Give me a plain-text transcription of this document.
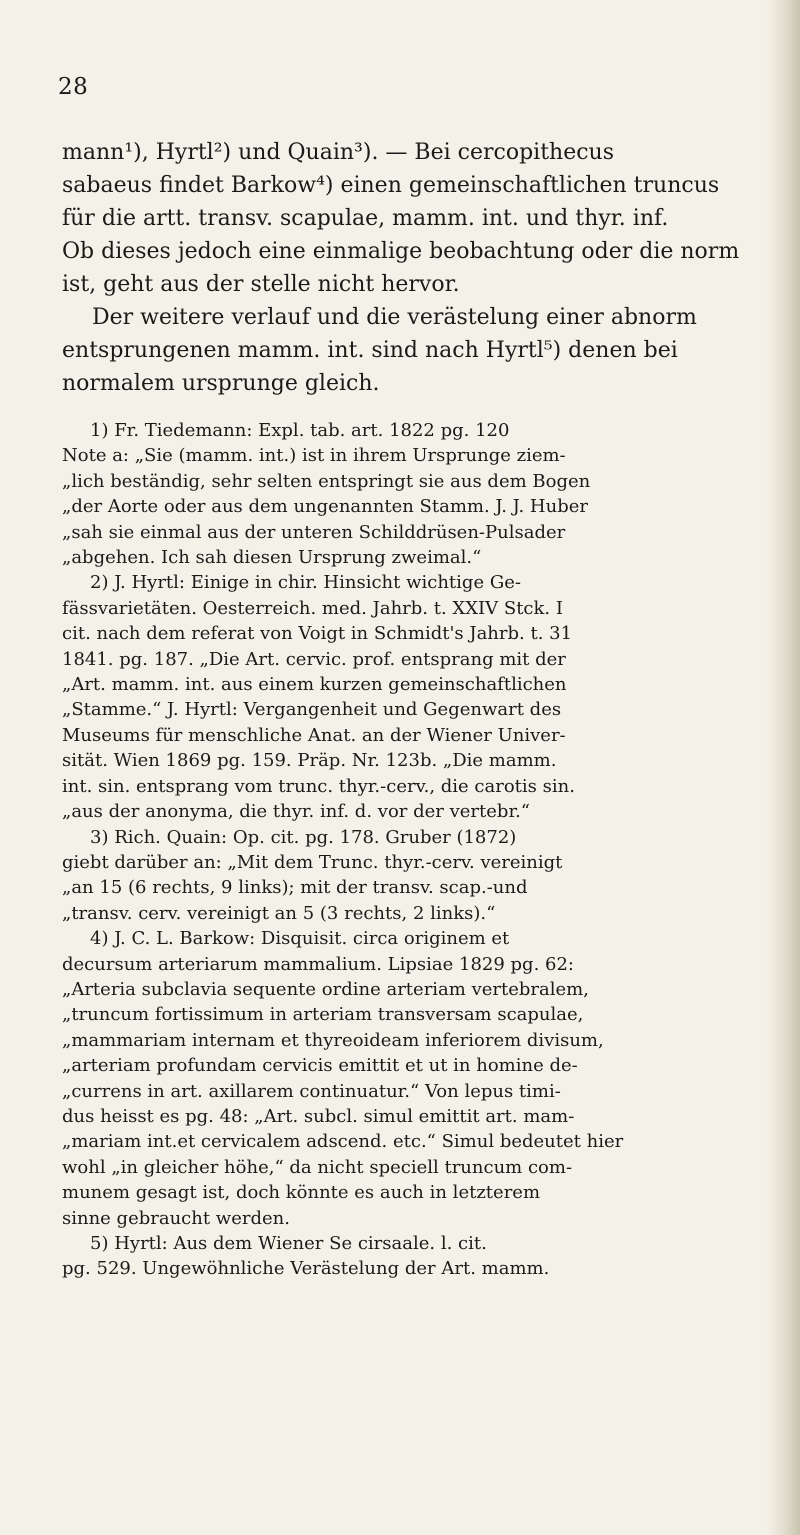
28

mann¹), Hyrtl²) und Quain³). — Bei cercopithecus
sabaeus findet Barkow⁴) einen gemeinschaftlichen truncus
für die artt. transv. scapulae, mamm. int. und thyr. inf.
Ob dieses jedoch eine einmalige beobachtung oder die norm
ist, geht aus der stelle nicht hervor.

Der weitere verlauf und die verästelung einer abnorm

entsprungenen mamm. int. sind nach Hyrtl⁵) denen bei
normalem ursprunge gleich.

1) Fr. Tiedemann: Expl. tab. art. 1822 pg. 120

Note a: „Sie (mamm. int.) ist in ihrem Ursprunge ziem-
„lich beständig, sehr selten entspringt sie aus dem Bogen
„der Aorte oder aus dem ungenannten Stamm. J. J. Huber
„sah sie einmal aus der unteren Schilddrüsen-Pulsader
„abgehen. Ich sah diesen Ursprung zweimal.“

2) J. Hyrtl: Einige in chir. Hinsicht wichtige Ge-

fässvarietäten. Oesterreich. med. Jahrb. t. XXIV Stck. I
cit. nach dem referat von Voigt in Schmidt's Jahrb. t. 31
1841. pg. 187. „Die Art. cervic. prof. entsprang mit der
„Art. mamm. int. aus einem kurzen gemeinschaftlichen
„Stamme.“ J. Hyrtl: Vergangenheit und Gegenwart des
Museums für menschliche Anat. an der Wiener Univer-
sität. Wien 1869 pg. 159. Präp. Nr. 123b. „Die mamm.
int. sin. entsprang vom trunc. thyr.-cerv., die carotis sin.
„aus der anonyma, die thyr. inf. d. vor der vertebr.“

3) Rich. Quain: Op. cit. pg. 178. Gruber (1872)

giebt darüber an: „Mit dem Trunc. thyr.-cerv. vereinigt
„an 15 (6 rechts, 9 links); mit der transv. scap.-und
„transv. cerv. vereinigt an 5 (3 rechts, 2 links).“

4) J. C. L. Barkow: Disquisit. circa originem et

decursum arteriarum mammalium. Lipsiae 1829 pg. 62:
„Arteria subclavia sequente ordine arteriam vertebralem,
„truncum fortissimum in arteriam transversam scapulae,
„mammariam internam et thyreoideam inferiorem divisum,
„arteriam profundam cervicis emittit et ut in homine de-
„currens in art. axillarem continuatur.“ Von lepus timi-
dus heisst es pg. 48: „Art. subcl. simul emittit art. mam-
„mariam int.et cervicalem adscend. etc.“ Simul bedeutet hier
wohl „in gleicher höhe,“ da nicht speciell truncum com-
munem gesagt ist, doch könnte es auch in letzterem
sinne gebraucht werden.

5) Hyrtl: Aus dem Wiener Se cirsaale. l. cit.

pg. 529. Ungewöhnliche Verästelung der Art. mamm.
